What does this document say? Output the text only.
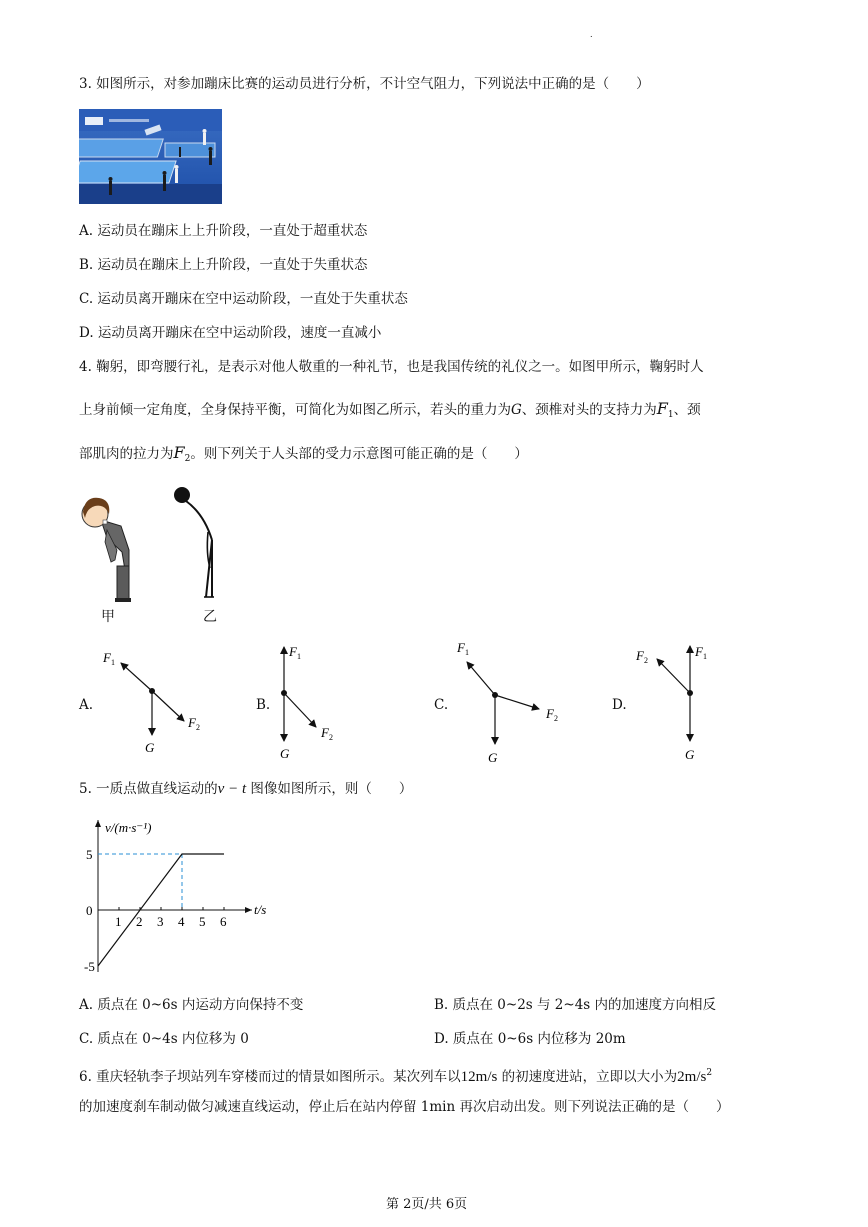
.
3. 如图所示，对参加蹦床比赛的运动员进行分析，不计空气阻力，下列说法中正确的是（　　）
A. 运动员在蹦床上上升阶段，一直处于超重状态
B. 运动员在蹦床上上升阶段，一直处于失重状态
C. 运动员离开蹦床在空中运动阶段，一直处于失重状态
D. 运动员离开蹦床在空中运动阶段，速度一直减小
4. 鞠躬，即弯腰行礼，是表示对他人敬重的一种礼节，也是我国传统的礼仪之一。如图甲所示，鞠躬时人
上身前倾一定角度，全身保持平衡，可简化为如图乙所示，若头的重力为G、颈椎对头的支持力为$F_1$、颈
部肌肉的拉力为$F_2$。则下列关于人头部的受力示意图可能正确的是（　　）
甲	乙
A.	B.	C.	D.
$F_1$
$F_2$
G
$F_1$
$F_2$
G
$F_1$
$F_2$
G
$F_2$
$F_1$
G
5. 一质点做直线运动的v − t 图像如图所示，则（　　）
1 2 3 4 5 6
5
0
-5
v/(m·s⁻¹)
t/s
A. 质点在 0~6s 内运动方向保持不变	B. 质点在 0~2s 与 2~4s 内的加速度方向相反
C. 质点在 0~4s 内位移为 0	D. 质点在 0~6s 内位移为 20m
6. 重庆轻轨李子坝站列车穿楼而过的情景如图所示。某次列车以12m/s 的初速度进站，立即以大小为$2m/s^2$
的加速度刹车制动做匀减速直线运动，停止后在站内停留 1min 再次启动出发。则下列说法正确的是（　　）
第 2页/共 6页
